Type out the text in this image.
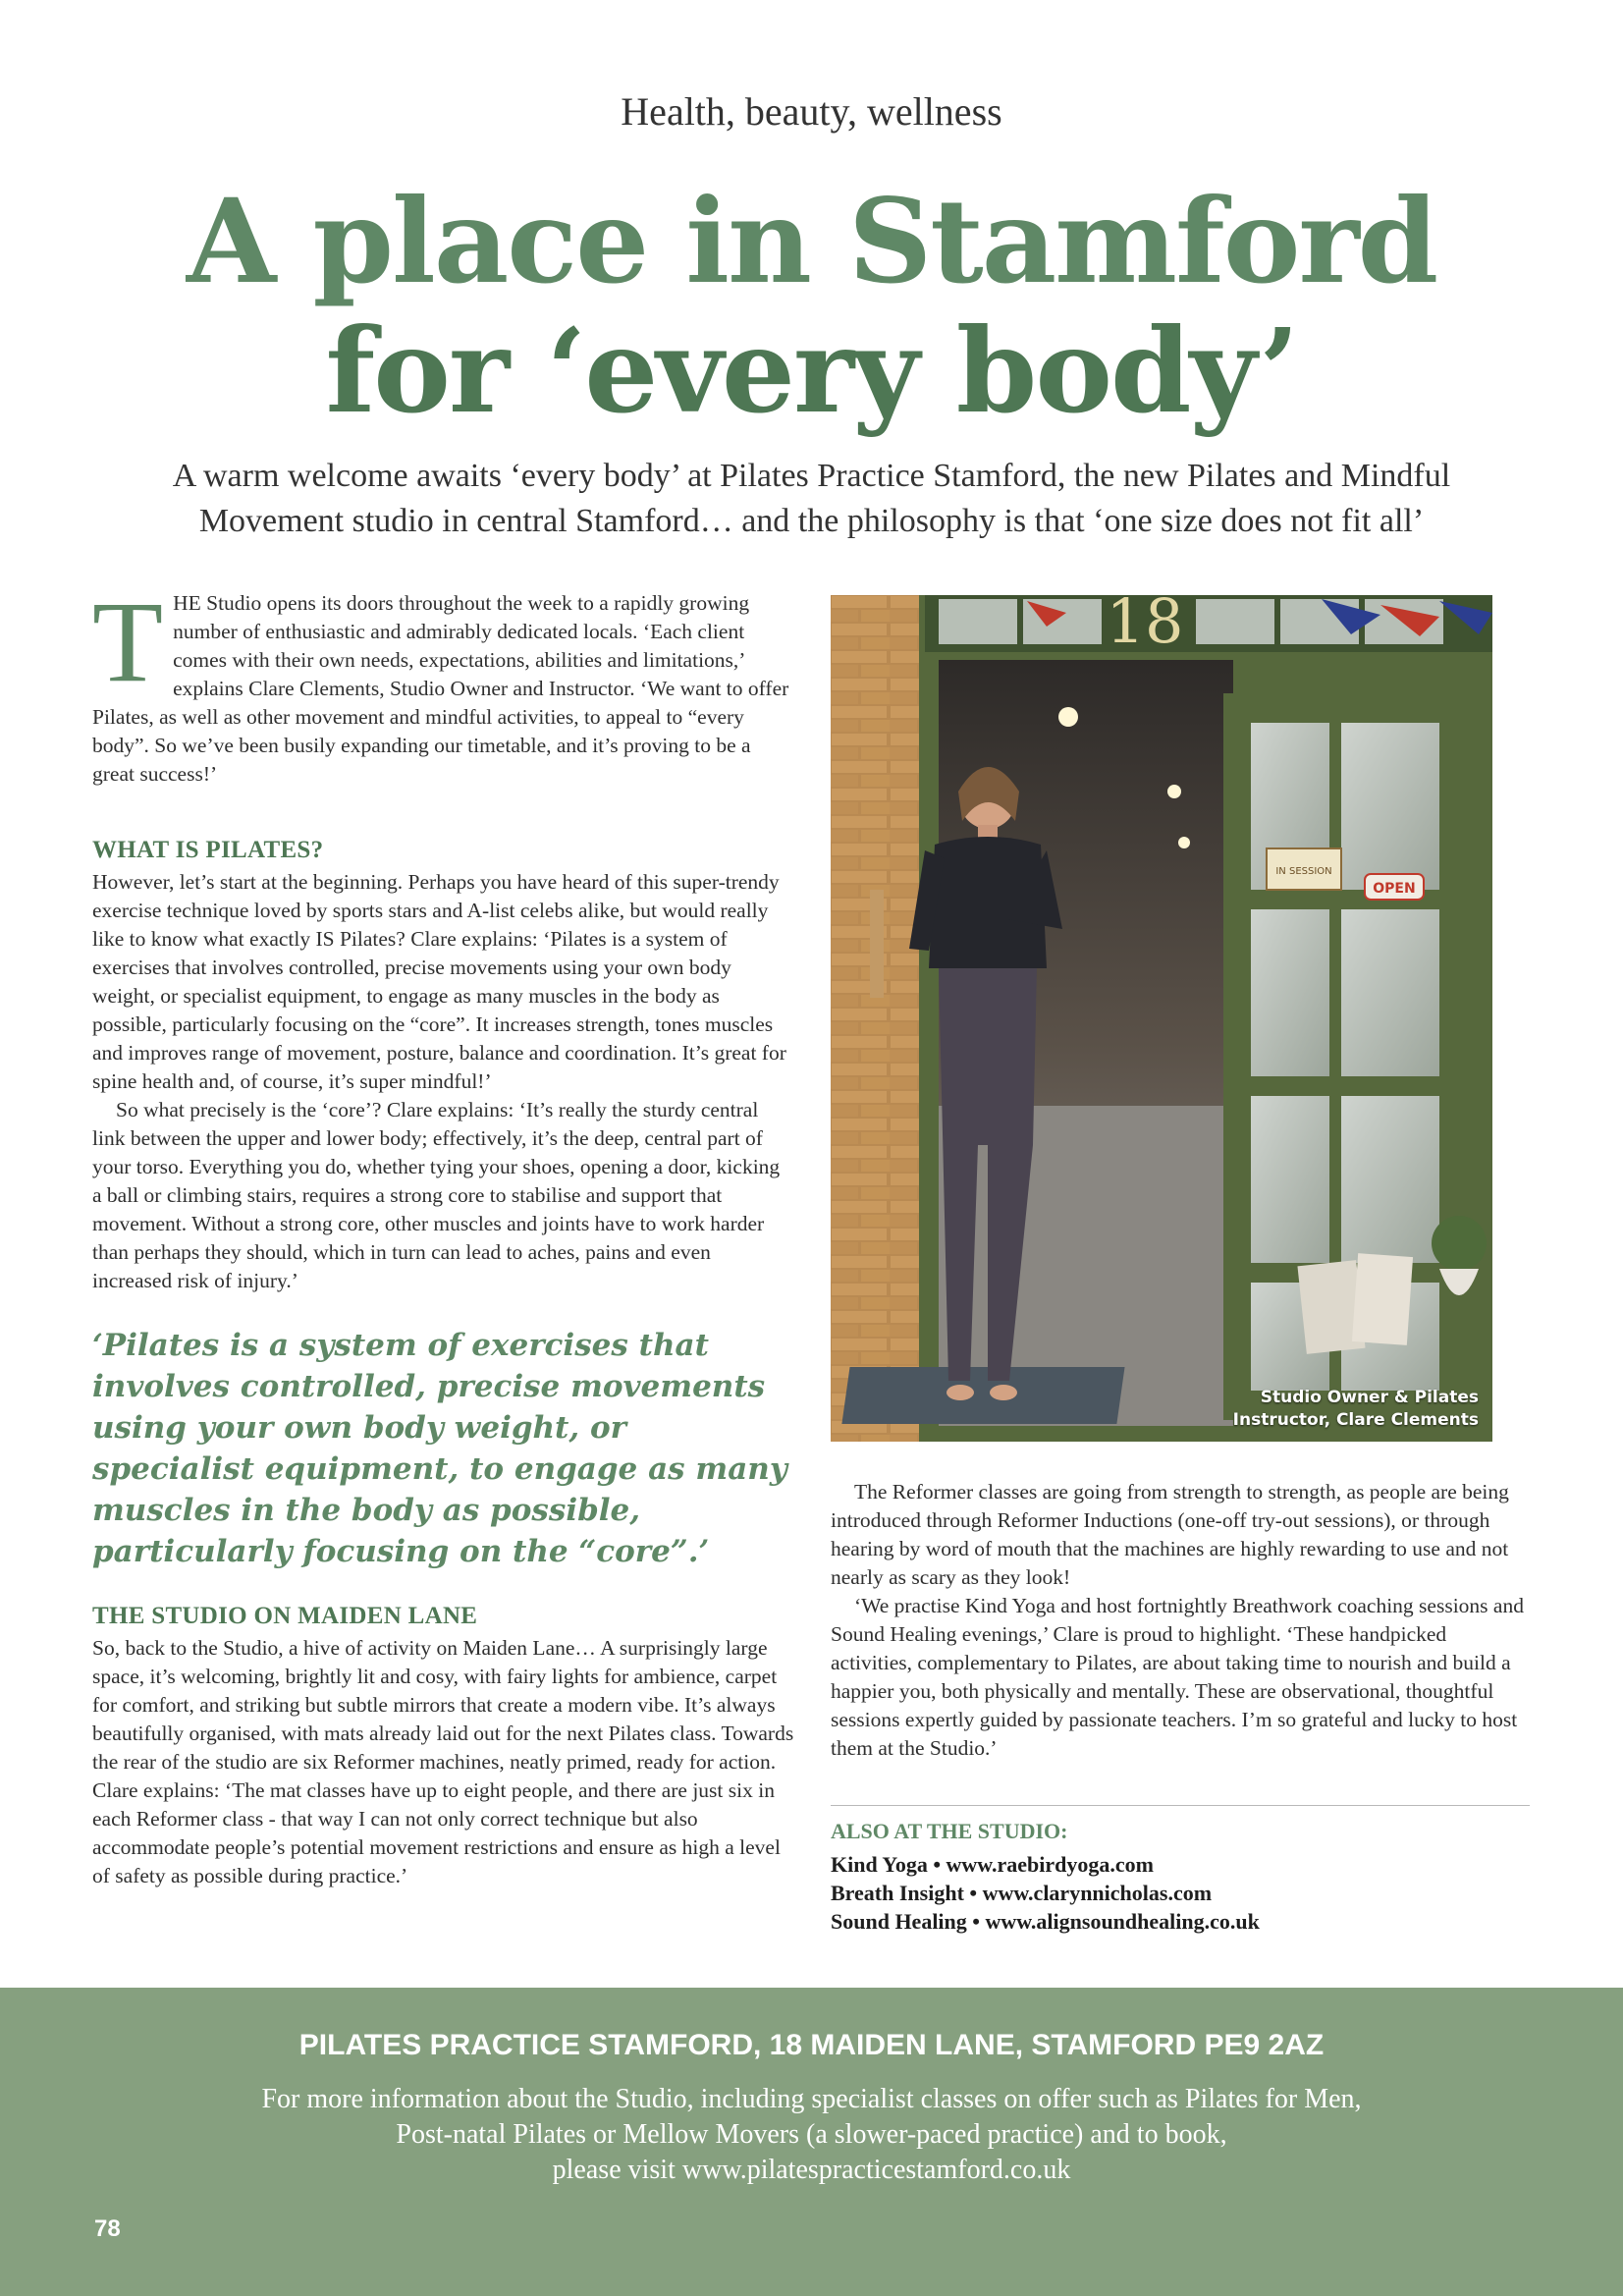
Health, beauty, wellness
A place in Stamford
for ‘every body’
A warm welcome awaits ‘every body’ at Pilates Practice Stamford, the new Pilates and Mindful
Movement studio in central Stamford… and the philosophy is that ‘one size does not fit all’

THE Studio opens its doors throughout the week to a rapidly growing number of enthusiastic and admirably dedicated locals. ‘Each client comes with their own needs, expectations, abilities and limitations,’ explains Clare Clements, Studio Owner and Instructor. ‘We want to offer Pilates, as well as other movement and mindful activities, to appeal to “every body”. So we’ve been busily expanding our timetable, and it’s proving to be a great success!’

WHAT IS PILATES?

However, let’s start at the beginning. Perhaps you have heard of this super-trendy exercise technique loved by sports stars and A-list celebs alike, but would really like to know what exactly IS Pilates? Clare explains: ‘Pilates is a system of exercises that involves controlled, precise movements using your own body weight, or specialist equipment, to engage as many muscles in the body as possible, particularly focusing on the “core”. It increases strength, tones muscles and improves range of movement, posture, balance and coordination. It’s great for spine health and, of course, it’s super mindful!’

So what precisely is the ‘core’? Clare explains: ‘It’s really the sturdy central link between the upper and lower body; effectively, it’s the deep, central part of your torso. Everything you do, whether tying your shoes, opening a door, kicking a ball or climbing stairs, requires a strong core to stabilise and support that movement. Without a strong core, other muscles and joints have to work harder than perhaps they should, which in turn can lead to aches, pains and even increased risk of injury.’

‘Pilates is a system of exercises that involves controlled, precise movements using your own body weight, or specialist equipment, to engage as many muscles in the body as possible, particularly focusing on the “core”.’

THE STUDIO ON MAIDEN LANE

So, back to the Studio, a hive of activity on Maiden Lane… A surprisingly large space, it’s welcoming, brightly lit and cosy, with fairy lights for ambience, carpet for comfort, and striking but subtle mirrors that create a modern vibe. It’s always beautifully organised, with mats already laid out for the next Pilates class. Towards the rear of the studio are six Reformer machines, neatly primed, ready for action. Clare explains: ‘The mat classes have up to eight people, and there are just six in each Reformer class - that way I can not only correct technique but also accommodate people’s potential movement restrictions and ensure as high a level of safety as possible during practice.’

18
IN SESSION
OPEN
Studio Owner & Pilates
Instructor, Clare Clements

The Reformer classes are going from strength to strength, as people are being introduced through Reformer Inductions (one-off try-out sessions), or through hearing by word of mouth that the machines are highly rewarding to use and not nearly as scary as they look!

‘We practise Kind Yoga and host fortnightly Breathwork coaching sessions and Sound Healing evenings,’ Clare is proud to highlight. ‘These handpicked activities, complementary to Pilates, are about taking time to nourish and build a happier you, both physically and mentally. These are observational, thoughtful sessions expertly guided by passionate teachers. I’m so grateful and lucky to host them at the Studio.’

ALSO AT THE STUDIO:
Kind Yoga • www.raebirdyoga.com
Breath Insight • www.clarynnicholas.com
Sound Healing • www.alignsoundhealing.co.uk
PILATES PRACTICE STAMFORD, 18 MAIDEN LANE, STAMFORD PE9 2AZ
For more information about the Studio, including specialist classes on offer such as Pilates for Men,
Post-natal Pilates or Mellow Movers (a slower-paced practice) and to book,
please visit www.pilatespracticestamford.co.uk
78
